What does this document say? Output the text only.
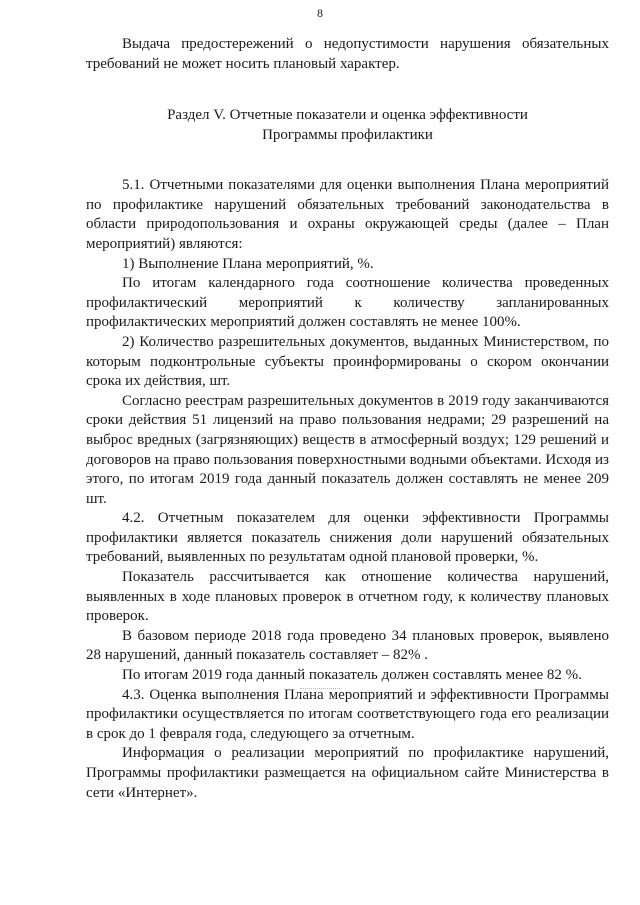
8

Выдача предостережений о недопустимости нарушения обязательных требований не может носить плановый характер.

Раздел V. Отчетные показатели и оценка эффективности
Программы профилактики

5.1. Отчетными показателями для оценки выполнения Плана мероприятий по профилактике нарушений обязательных требований законодательства в области природопользования и охраны окружающей среды (далее – План мероприятий) являются:

1) Выполнение Плана мероприятий, %.

По итогам календарного года соотношение количества проведенных профилактический мероприятий к количеству запланированных профилактических мероприятий должен составлять не менее 100%.

2) Количество разрешительных документов, выданных Министерством, по которым подконтрольные субъекты проинформированы о скором окончании срока их действия, шт.

Согласно реестрам разрешительных документов в 2019 году заканчиваются сроки действия 51 лицензий на право пользования недрами; 29 разрешений на выброс вредных (загрязняющих) веществ в атмосферный воздух; 129 решений и договоров на право пользования поверхностными водными объектами. Исходя из этого, по итогам 2019 года данный показатель должен составлять не менее 209 шт.

4.2. Отчетным показателем для оценки эффективности Программы профилактики является показатель снижения доли нарушений обязательных требований, выявленных по результатам одной плановой проверки, %.

Показатель рассчитывается как отношение количества нарушений, выявленных в ходе плановых проверок в отчетном году, к количеству плановых проверок.

В базовом периоде 2018 года проведено 34 плановых проверок, выявлено 28 нарушений, данный показатель составляет – 82% .

По итогам 2019 года данный показатель должен составлять менее 82 %.

4.3. Оценка выполнения Плана мероприятий и эффективности Программы профилактики осуществляется по итогам соответствующего года его реализации в срок до 1 февраля года, следующего за отчетным.

Информация о реализации мероприятий по профилактике нарушений, Программы профилактики размещается на официальном сайте Министерства в сети «Интернет».
